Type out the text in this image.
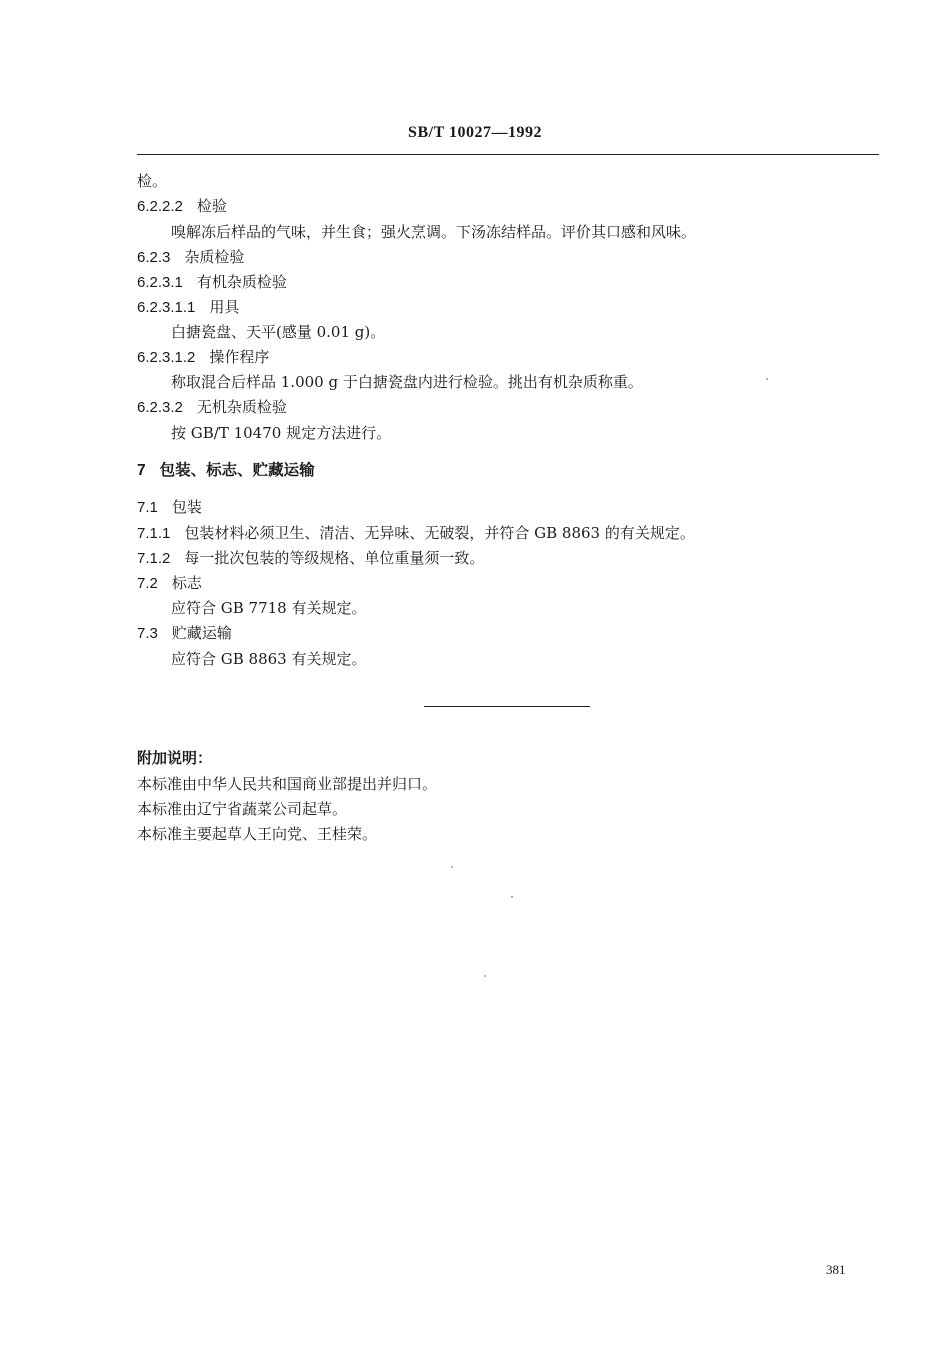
SB/T 10027—1992
检。
6.2.2.2 检验
嗅解冻后样品的气味，并生食；强火烹调。下汤冻结样品。评价其口感和风味。
6.2.3 杂质检验
6.2.3.1 有机杂质检验
6.2.3.1.1 用具
白搪瓷盘、天平(感量 0.01 g)。
6.2.3.1.2 操作程序
称取混合后样品 1.000 g 于白搪瓷盘内进行检验。挑出有机杂质称重。
6.2.3.2 无机杂质检验
按 GB/T 10470 规定方法进行。
7 包装、标志、贮藏运输
7.1 包装
7.1.1 包装材料必须卫生、清洁、无异味、无破裂，并符合 GB 8863 的有关规定。
7.1.2 每一批次包装的等级规格、单位重量须一致。
7.2 标志
应符合 GB 7718 有关规定。
7.3 贮藏运输
应符合 GB 8863 有关规定。
附加说明：
本标准由中华人民共和国商业部提出并归口。
本标准由辽宁省蔬菜公司起草。
本标准主要起草人王向党、王桂荣。
381
